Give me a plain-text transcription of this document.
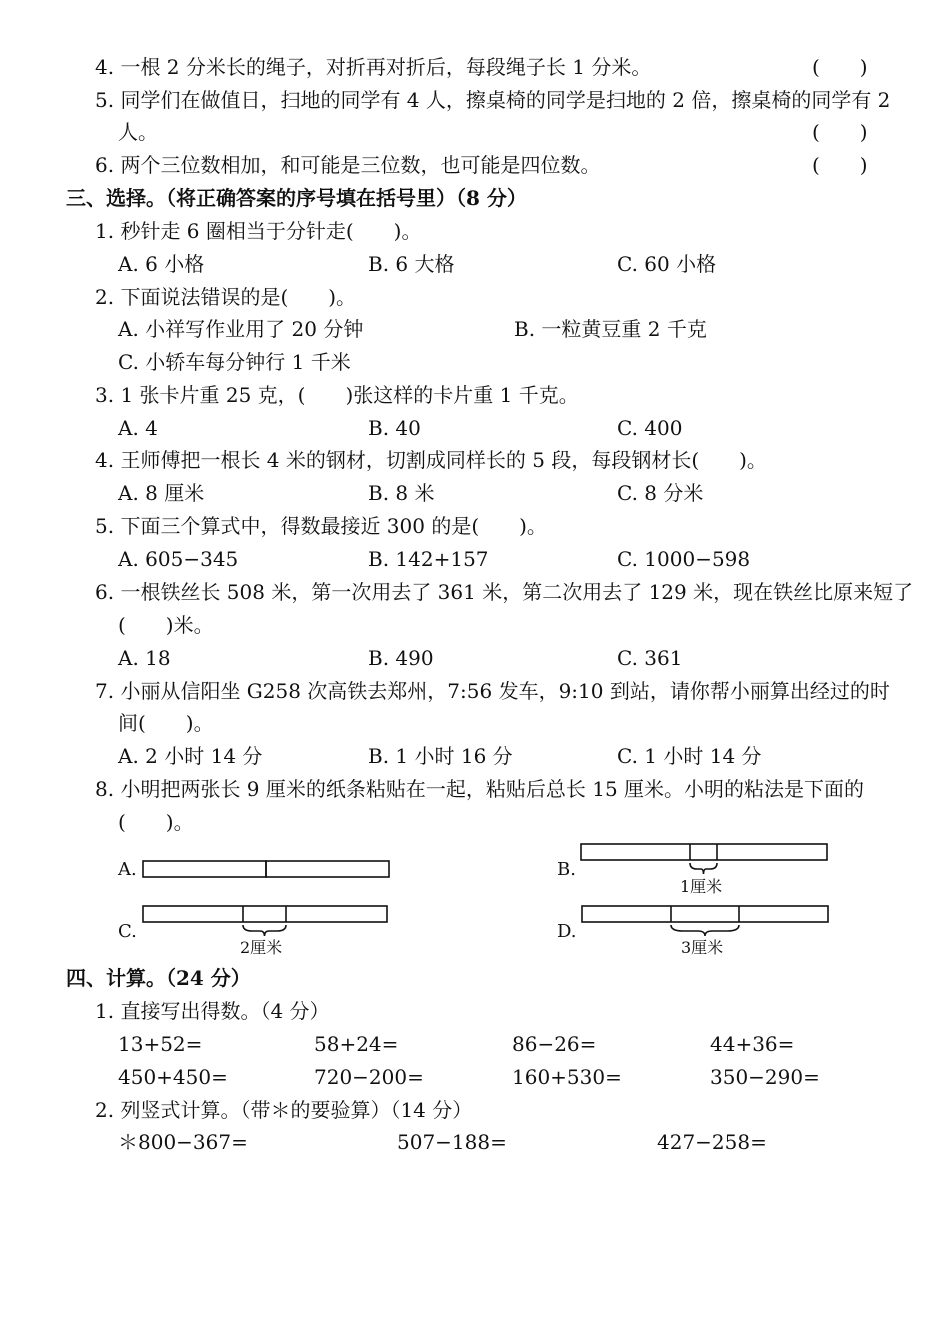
4. 一根 2 分米长的绳子，对折再对折后，每段绳子长 1 分米。	(　　)
5. 同学们在做值日，扫地的同学有 4 人，擦桌椅的同学是扫地的 2 倍，擦桌椅的同学有 2
人。	(　　)
6. 两个三位数相加，和可能是三位数，也可能是四位数。	(　　)
三、选择。（将正确答案的序号填在括号里）（8 分）
1. 秒针走 6 圈相当于分针走(　　)。
A. 6 小格	B. 6 大格	C. 60 小格
2. 下面说法错误的是(　　)。
A. 小祥写作业用了 20 分钟	B. 一粒黄豆重 2 千克
C. 小轿车每分钟行 1 千米
3. 1 张卡片重 25 克，(　　)张这样的卡片重 1 千克。
A. 4	B. 40	C. 400
4. 王师傅把一根长 4 米的钢材，切割成同样长的 5 段，每段钢材长(　　)。
A. 8 厘米	B. 8 米	C. 8 分米
5. 下面三个算式中，得数最接近 300 的是(　　)。
A. 605−345	B. 142+157	C. 1000−598
6. 一根铁丝长 508 米，第一次用去了 361 米，第二次用去了 129 米，现在铁丝比原来短了
(　　)米。
A. 18	B. 490	C. 361
7. 小丽从信阳坐 G258 次高铁去郑州，7:56 发车，9:10 到站，请你帮小丽算出经过的时
间(　　)。
A. 2 小时 14 分	B. 1 小时 16 分	C. 1 小时 14 分
8. 小明把两张长 9 厘米的纸条粘贴在一起，粘贴后总长 15 厘米。小明的粘法是下面的
(　　)。
A.	B.
C.	D.
1厘米
2厘米	3厘米
四、计算。（24 分）
1. 直接写出得数。（4 分）
13+52=	58+24=	86−26=	44+36=
450+450=	720−200=	160+530=	350−290=
2. 列竖式计算。（带＊的要验算）（14 分）
＊800−367=	507−188=	427−258=
